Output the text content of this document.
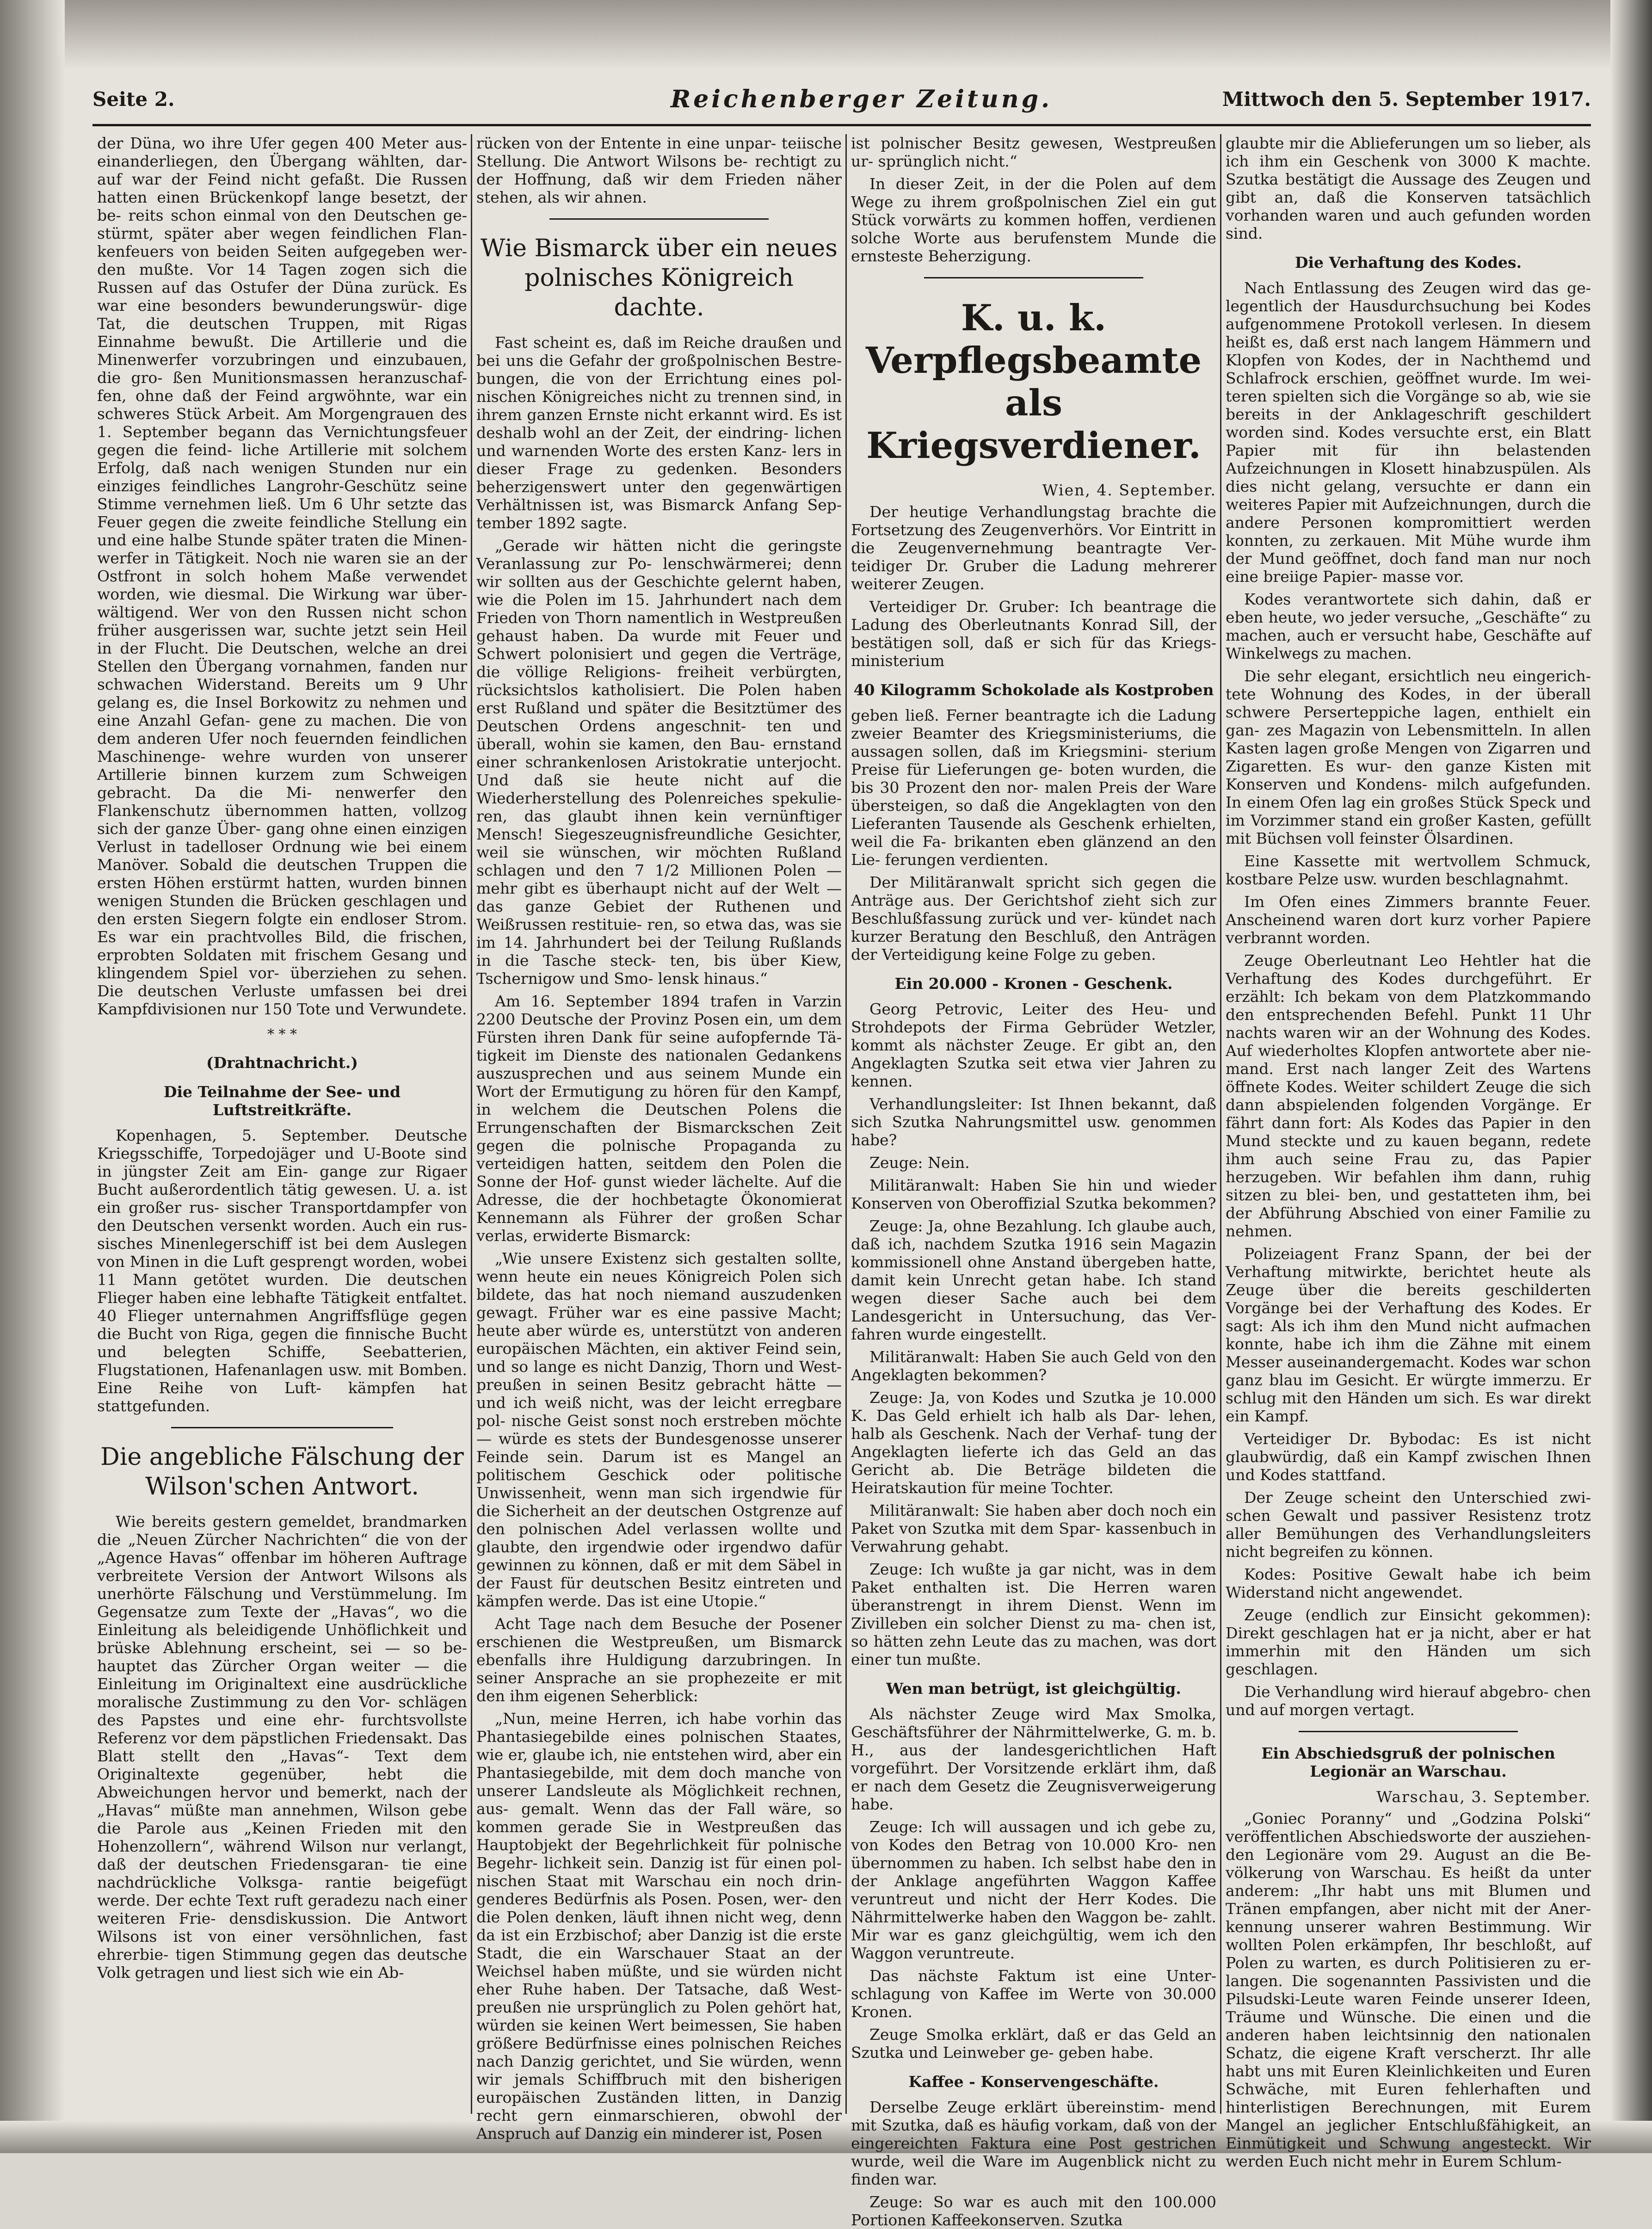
Seite 2.	Reichenberger Zeitung.	Mittwoch den 5. September 1917.

der Düna, wo ihre Ufer gegen 400 Meter aus- einanderliegen, den Übergang wählten, dar- auf war der Feind nicht gefaßt. Die Russen hatten einen Brückenkopf lange besetzt, der be- reits schon einmal von den Deutschen ge- stürmt, später aber wegen feindlichen Flan- kenfeuers von beiden Seiten aufgegeben wer- den mußte. Vor 14 Tagen zogen sich die Russen auf das Ostufer der Düna zurück. Es war eine besonders bewunderungswür- dige Tat, die deutschen Truppen, mit Rigas Einnahme bewußt. Die Artillerie und die Minenwerfer vorzubringen und einzubauen, die gro- ßen Munitionsmassen heranzuschaf- fen, ohne daß der Feind argwöhnte, war ein schweres Stück Arbeit. Am Morgengrauen des 1. September begann das Vernichtungsfeuer gegen die feind- liche Artillerie mit solchem Erfolg, daß nach wenigen Stunden nur ein einziges feindliches Langrohr-Geschütz seine Stimme vernehmen ließ. Um 6 Uhr setzte das Feuer gegen die zweite feindliche Stellung ein und eine halbe Stunde später traten die Minen- werfer in Tätigkeit. Noch nie waren sie an der Ostfront in solch hohem Maße verwendet worden, wie diesmal. Die Wirkung war über- wältigend. Wer von den Russen nicht schon früher ausgerissen war, suchte jetzt sein Heil in der Flucht. Die Deutschen, welche an drei Stellen den Übergang vornahmen, fanden nur schwachen Widerstand. Bereits um 9 Uhr gelang es, die Insel Borkowitz zu nehmen und eine Anzahl Gefan- gene zu machen. Die von dem anderen Ufer noch feuernden feindlichen Maschinenge- wehre wurden von unserer Artillerie binnen kurzem zum Schweigen gebracht. Da die Mi- nenwerfer den Flankenschutz übernommen hatten, vollzog sich der ganze Über- gang ohne einen einzigen Verlust in tadelloser Ordnung wie bei einem Manöver. Sobald die deutschen Truppen die ersten Höhen erstürmt hatten, wurden binnen wenigen Stunden die Brücken geschlagen und den ersten Siegern folgte ein endloser Strom. Es war ein prachtvolles Bild, die frischen, erprobten Soldaten mit frischem Gesang und klingendem Spiel vor- überziehen zu sehen. Die deutschen Verluste umfassen bei drei Kampfdivisionen nur 150 Tote und Verwundete.

* * *
(Drahtnachricht.)
Die Teilnahme der See- und Luftstreitkräfte.

Kopenhagen, 5. September. Deutsche Kriegsschiffe, Torpedojäger und U-Boote sind in jüngster Zeit am Ein- gange zur Rigaer Bucht außerordentlich tätig gewesen. U. a. ist ein großer rus- sischer Transportdampfer von den Deutschen versenkt worden. Auch ein rus- sisches Minenlegerschiff ist bei dem Auslegen von Minen in die Luft gesprengt worden, wobei 11 Mann getötet wurden. Die deutschen Flieger haben eine lebhafte Tätigkeit entfaltet. 40 Flieger unternahmen Angriffsflüge gegen die Bucht von Riga, gegen die finnische Bucht und belegten Schiffe, Seebatterien, Flugstationen, Hafenanlagen usw. mit Bomben. Eine Reihe von Luft- kämpfen hat stattgefunden.

Die angebliche Fälschung der Wilson'schen Antwort.

Wie bereits gestern gemeldet, brandmarken die „Neuen Zürcher Nachrichten“ die von der „Agence Havas“ offenbar im höheren Auftrage verbreitete Version der Antwort Wilsons als unerhörte Fälschung und Verstümmelung. Im Gegensatze zum Texte der „Havas“, wo die Einleitung als beleidigende Unhöflichkeit und brüske Ablehnung erscheint, sei — so be- hauptet das Zürcher Organ weiter — die Einleitung im Originaltext eine ausdrückliche moralische Zustimmung zu den Vor- schlägen des Papstes und eine ehr- furchtsvollste Referenz vor dem päpstlichen Friedensakt. Das Blatt stellt den „Havas“- Text dem Originaltexte gegenüber, hebt die Abweichungen hervor und bemerkt, nach der „Havas“ müßte man annehmen, Wilson gebe die Parole aus „Keinen Frieden mit den Hohenzollern“, während Wilson nur verlangt, daß der deutschen Friedensgaran- tie eine nachdrückliche Volksga- rantie beigefügt werde. Der echte Text ruft geradezu nach einer weiteren Frie- densdiskussion. Die Antwort Wilsons ist von einer versöhnlichen, fast ehrerbie- tigen Stimmung gegen das deutsche Volk getragen und liest sich wie ein Ab-

rücken von der Entente in eine unpar- teiische Stellung. Die Antwort Wilsons be- rechtigt zu der Hoffnung, daß wir dem Frieden näher stehen, als wir ahnen.

Wie Bismarck über ein neues polnisches Königreich dachte.

Fast scheint es, daß im Reiche draußen und bei uns die Gefahr der großpolnischen Bestre- bungen, die von der Errichtung eines pol- nischen Königreiches nicht zu trennen sind, in ihrem ganzen Ernste nicht erkannt wird. Es ist deshalb wohl an der Zeit, der eindring- lichen und warnenden Worte des ersten Kanz- lers in dieser Frage zu gedenken. Besonders beherzigenswert unter den gegenwärtigen Verhältnissen ist, was Bismarck Anfang Sep- tember 1892 sagte.

„Gerade wir hätten nicht die geringste Veranlassung zur Po- lenschwärmerei; denn wir sollten aus der Geschichte gelernt haben, wie die Polen im 15. Jahrhundert nach dem Frieden von Thorn namentlich in Westpreußen gehaust haben. Da wurde mit Feuer und Schwert polonisiert und gegen die Verträge, die völlige Religions- freiheit verbürgten, rücksichtslos katholisiert. Die Polen haben erst Rußland und später die Besitztümer des Deutschen Ordens angeschnit- ten und überall, wohin sie kamen, den Bau- ernstand einer schrankenlosen Aristokratie unterjocht. Und daß sie heute nicht auf die Wiederherstellung des Polenreiches spekulie- ren, das glaubt ihnen kein vernünftiger Mensch! Siegeszeugnisfreundliche Gesichter, weil sie wünschen, wir möchten Rußland schlagen und den 7 1/2 Millionen Polen — mehr gibt es überhaupt nicht auf der Welt — das ganze Gebiet der Ruthenen und Weißrussen restituie- ren, so etwa das, was sie im 14. Jahrhundert bei der Teilung Rußlands in die Tasche steck- ten, bis über Kiew, Tschernigow und Smo- lensk hinaus.“

Am 16. September 1894 trafen in Varzin 2200 Deutsche der Provinz Posen ein, um dem Fürsten ihren Dank für seine aufopfernde Tä- tigkeit im Dienste des nationalen Gedankens auszusprechen und aus seinem Munde ein Wort der Ermutigung zu hören für den Kampf, in welchem die Deutschen Polens die Errungenschaften der Bismarckschen Zeit gegen die polnische Propaganda zu verteidigen hatten, seitdem den Polen die Sonne der Hof- gunst wieder lächelte. Auf die Adresse, die der hochbetagte Ökonomierat Kennemann als Führer der großen Schar verlas, erwiderte Bismarck:

„Wie unsere Existenz sich gestalten sollte, wenn heute ein neues Königreich Polen sich bildete, das hat noch niemand auszudenken gewagt. Früher war es eine passive Macht; heute aber würde es, unterstützt von anderen europäischen Mächten, ein aktiver Feind sein, und so lange es nicht Danzig, Thorn und West- preußen in seinen Besitz gebracht hätte — und ich weiß nicht, was der leicht erregbare pol- nische Geist sonst noch erstreben möchte — würde es stets der Bundesgenosse unserer Feinde sein. Darum ist es Mangel an politischem Geschick oder politische Unwissenheit, wenn man sich irgendwie für die Sicherheit an der deutschen Ostgrenze auf den polnischen Adel verlassen wollte und glaubte, den irgendwie oder irgendwo dafür gewinnen zu können, daß er mit dem Säbel in der Faust für deutschen Besitz eintreten und kämpfen werde. Das ist eine Utopie.“

Acht Tage nach dem Besuche der Posener erschienen die Westpreußen, um Bismarck ebenfalls ihre Huldigung darzubringen. In seiner Ansprache an sie prophezeite er mit den ihm eigenen Seherblick:

„Nun, meine Herren, ich habe vorhin das Phantasiegebilde eines polnischen Staates, wie er, glaube ich, nie entstehen wird, aber ein Phantasiegebilde, mit dem doch manche von unserer Landsleute als Möglichkeit rechnen, aus- gemalt. Wenn das der Fall wäre, so kommen gerade Sie in Westpreußen das Hauptobjekt der Begehrlichkeit für polnische Begehr- lichkeit sein. Danzig ist für einen pol- nischen Staat mit Warschau ein noch drin- genderes Bedürfnis als Posen. Posen, wer- den die Polen denken, läuft ihnen nicht weg, denn da ist ein Erzbischof; aber Danzig ist die erste Stadt, die ein Warschauer Staat an der Weichsel haben müßte, und sie würden nicht eher Ruhe haben. Der Tatsache, daß West- preußen nie ursprünglich zu Polen gehört hat, würden sie keinen Wert beimessen, Sie haben größere Bedürfnisse eines polnischen Reiches nach Danzig gerichtet, und Sie würden, wenn wir jemals Schiffbruch mit den bisherigen europäischen Zuständen litten, in Danzig recht gern einmarschieren, obwohl der Anspruch auf Danzig ein minderer ist, Posen

ist polnischer Besitz gewesen, Westpreußen ur- sprünglich nicht.“

In dieser Zeit, in der die Polen auf dem Wege zu ihrem großpolnischen Ziel ein gut Stück vorwärts zu kommen hoffen, verdienen solche Worte aus berufenstem Munde die ernsteste Beherzigung.

K. u. k. Verpflegsbeamte als Kriegsverdiener.
Wien, 4. September.

Der heutige Verhandlungstag brachte die Fortsetzung des Zeugenverhörs. Vor Eintritt in die Zeugenvernehmung beantragte Ver- teidiger Dr. Gruber die Ladung mehrerer weiterer Zeugen.

Verteidiger Dr. Gruber: Ich beantrage die Ladung des Oberleutnants Konrad Sill, der bestätigen soll, daß er sich für das Kriegs- ministerium

40 Kilogramm Schokolade als Kostproben

geben ließ. Ferner beantragte ich die Ladung zweier Beamter des Kriegsministeriums, die aussagen sollen, daß im Kriegsmini- sterium Preise für Lieferungen ge- boten wurden, die bis 30 Prozent den nor- malen Preis der Ware übersteigen, so daß die Angeklagten von den Lieferanten Tausende als Geschenk erhielten, weil die Fa- brikanten eben glänzend an den Lie- ferungen verdienten.

Der Militäranwalt spricht sich gegen die Anträge aus. Der Gerichtshof zieht sich zur Beschlußfassung zurück und ver- kündet nach kurzer Beratung den Beschluß, den Anträgen der Verteidigung keine Folge zu geben.

Ein 20.000 - Kronen - Geschenk.

Georg Petrovic, Leiter des Heu- und Strohdepots der Firma Gebrüder Wetzler, kommt als nächster Zeuge. Er gibt an, den Angeklagten Szutka seit etwa vier Jahren zu kennen.

Verhandlungsleiter: Ist Ihnen bekannt, daß sich Szutka Nahrungsmittel usw. genommen habe?

Zeuge: Nein.

Militäranwalt: Haben Sie hin und wieder Konserven von Oberoffizial Szutka bekommen?

Zeuge: Ja, ohne Bezahlung. Ich glaube auch, daß ich, nachdem Szutka 1916 sein Magazin kommissionell ohne Anstand übergeben hatte, damit kein Unrecht getan habe. Ich stand wegen dieser Sache auch bei dem Landesgericht in Untersuchung, das Ver- fahren wurde eingestellt.

Militäranwalt: Haben Sie auch Geld von den Angeklagten bekommen?

Zeuge: Ja, von Kodes und Szutka je 10.000 K. Das Geld erhielt ich halb als Dar- lehen, halb als Geschenk. Nach der Verhaf- tung der Angeklagten lieferte ich das Geld an das Gericht ab. Die Beträge bildeten die Heiratskaution für meine Tochter.

Militäranwalt: Sie haben aber doch noch ein Paket von Szutka mit dem Spar- kassenbuch in Verwahrung gehabt.

Zeuge: Ich wußte ja gar nicht, was in dem Paket enthalten ist. Die Herren waren überanstrengt in ihrem Dienst. Wenn im Zivilleben ein solcher Dienst zu ma- chen ist, so hätten zehn Leute das zu machen, was dort einer tun mußte.

Wen man betrügt, ist gleichgültig.

Als nächster Zeuge wird Max Smolka, Geschäftsführer der Nährmittelwerke, G. m. b. H., aus der landesgerichtlichen Haft vorgeführt. Der Vorsitzende erklärt ihm, daß er nach dem Gesetz die Zeugnisverweigerung habe.

Zeuge: Ich will aussagen und ich gebe zu, von Kodes den Betrag von 10.000 Kro- nen übernommen zu haben. Ich selbst habe den in der Anklage angeführten Waggon Kaffee veruntreut und nicht der Herr Kodes. Die Nährmittelwerke haben den Waggon be- zahlt. Mir war es ganz gleichgültig, wem ich den Waggon veruntreute.

Das nächste Faktum ist eine Unter- schlagung von Kaffee im Werte von 30.000 Kronen.

Zeuge Smolka erklärt, daß er das Geld an Szutka und Leinweber ge- geben habe.

Kaffee - Konservengeschäfte.

Derselbe Zeuge erklärt übereinstim- mend mit Szutka, daß es häufig vorkam, daß von der eingereichten Faktura eine Post gestrichen wurde, weil die Ware im Augenblick nicht zu finden war.

Zeuge: So war es auch mit den 100.000 Portionen Kaffeekonserven. Szutka

glaubte mir die Ablieferungen um so lieber, als ich ihm ein Geschenk von 3000 K machte. Szutka bestätigt die Aussage des Zeugen und gibt an, daß die Konserven tatsächlich vorhanden waren und auch gefunden worden sind.

Die Verhaftung des Kodes.

Nach Entlassung des Zeugen wird das ge- legentlich der Hausdurchsuchung bei Kodes aufgenommene Protokoll verlesen. In diesem heißt es, daß erst nach langem Hämmern und Klopfen von Kodes, der in Nachthemd und Schlafrock erschien, geöffnet wurde. Im wei- teren spielten sich die Vorgänge so ab, wie sie bereits in der Anklageschrift geschildert worden sind. Kodes versuchte erst, ein Blatt Papier mit für ihn belastenden Aufzeichnungen in Klosett hinabzuspülen. Als dies nicht gelang, versuchte er dann ein weiteres Papier mit Aufzeichnungen, durch die andere Personen kompromittiert werden konnten, zu zerkauen. Mit Mühe wurde ihm der Mund geöffnet, doch fand man nur noch eine breiige Papier- masse vor.

Kodes verantwortete sich dahin, daß er eben heute, wo jeder versuche, „Geschäfte“ zu machen, auch er versucht habe, Geschäfte auf Winkelwegs zu machen.

Die sehr elegant, ersichtlich neu eingerich- tete Wohnung des Kodes, in der überall schwere Perserteppiche lagen, enthielt ein gan- zes Magazin von Lebensmitteln. In allen Kasten lagen große Mengen von Zigarren und Zigaretten. Es wur- den ganze Kisten mit Konserven und Kondens- milch aufgefunden. In einem Ofen lag ein großes Stück Speck und im Vorzimmer stand ein großer Kasten, gefüllt mit Büchsen voll feinster Ölsardinen.

Eine Kassette mit wertvollem Schmuck, kostbare Pelze usw. wurden beschlagnahmt.

Im Ofen eines Zimmers brannte Feuer. Anscheinend waren dort kurz vorher Papiere verbrannt worden.

Zeuge Oberleutnant Leo Hehtler hat die Verhaftung des Kodes durchgeführt. Er erzählt: Ich bekam von dem Platzkommando den entsprechenden Befehl. Punkt 11 Uhr nachts waren wir an der Wohnung des Kodes. Auf wiederholtes Klopfen antwortete aber nie- mand. Erst nach langer Zeit des Wartens öffnete Kodes. Weiter schildert Zeuge die sich dann abspielenden folgenden Vorgänge. Er fährt dann fort: Als Kodes das Papier in den Mund steckte und zu kauen begann, redete ihm auch seine Frau zu, das Papier herzugeben. Wir befahlen ihm dann, ruhig sitzen zu blei- ben, und gestatteten ihm, bei der Abführung Abschied von einer Familie zu nehmen.

Polizeiagent Franz Spann, der bei der Verhaftung mitwirkte, berichtet heute als Zeuge über die bereits geschilderten Vorgänge bei der Verhaftung des Kodes. Er sagt: Als ich ihm den Mund nicht aufmachen konnte, habe ich ihm die Zähne mit einem Messer auseinandergemacht. Kodes war schon ganz blau im Gesicht. Er würgte immerzu. Er schlug mit den Händen um sich. Es war direkt ein Kampf.

Verteidiger Dr. Bybodac: Es ist nicht glaubwürdig, daß ein Kampf zwischen Ihnen und Kodes stattfand.

Der Zeuge scheint den Unterschied zwi- schen Gewalt und passiver Resistenz trotz aller Bemühungen des Verhandlungsleiters nicht begreifen zu können.

Kodes: Positive Gewalt habe ich beim Widerstand nicht angewendet.

Zeuge (endlich zur Einsicht gekommen): Direkt geschlagen hat er ja nicht, aber er hat immerhin mit den Händen um sich geschlagen.

Die Verhandlung wird hierauf abgebro- chen und auf morgen vertagt.

Ein Abschiedsgruß der polnischen Legionär an Warschau.
Warschau, 3. September.

„Goniec Poranny“ und „Godzina Polski“ veröffentlichen Abschiedsworte der ausziehen- den Legionäre vom 29. August an die Be- völkerung von Warschau. Es heißt da unter anderem: „Ihr habt uns mit Blumen und Tränen empfangen, aber nicht mit der Aner- kennung unserer wahren Bestimmung. Wir wollten Polen erkämpfen, Ihr beschloßt, auf Polen zu warten, es durch Politisieren zu er- langen. Die sogenannten Passivisten und die Pilsudski-Leute waren Feinde unserer Ideen, Träume und Wünsche. Die einen und die anderen haben leichtsinnig den nationalen Schatz, die eigene Kraft verscherzt. Ihr alle habt uns mit Euren Kleinlichkeiten und Euren Schwäche, mit Euren fehlerhaften und hinterlistigen Berechnungen, mit Eurem Mangel an jeglicher Entschlußfähigkeit, an Einmütigkeit und Schwung angesteckt. Wir werden Euch nicht mehr in Eurem Schlum-
